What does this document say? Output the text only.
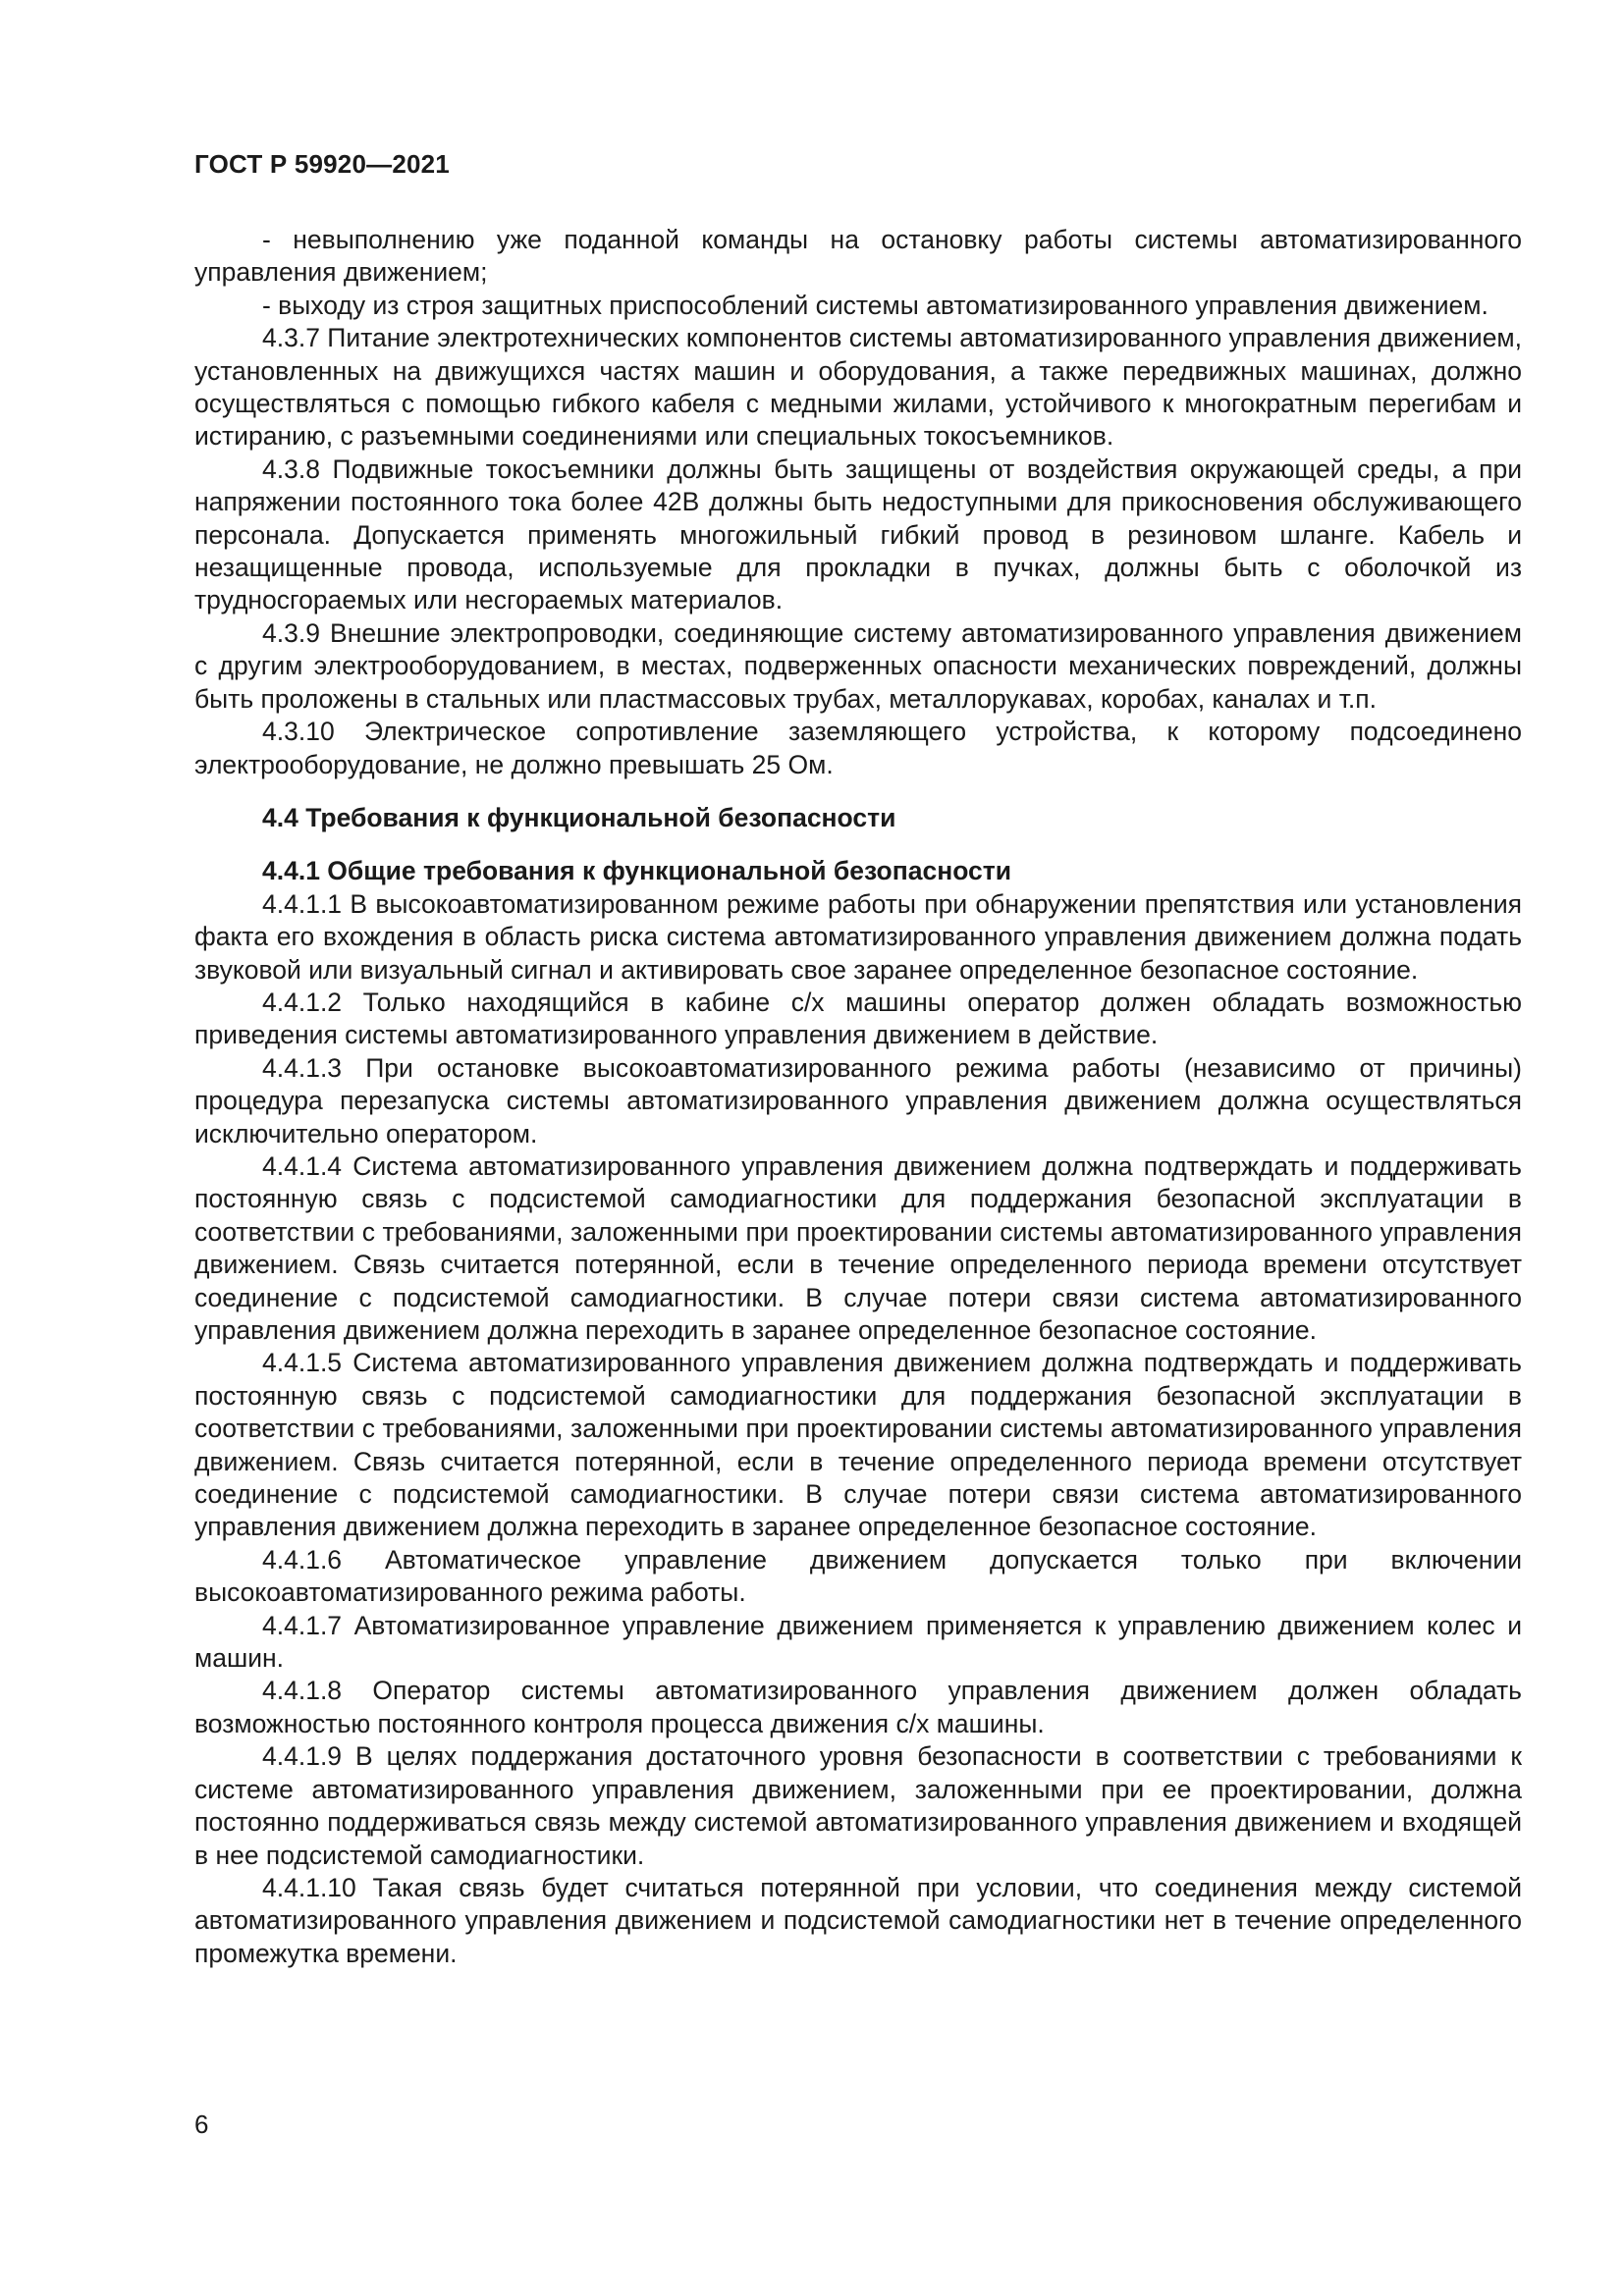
ГОСТ Р 59920—2021

- невыполнению уже поданной команды на остановку работы системы автоматизированного управления движением;

- выходу из строя защитных приспособлений системы автоматизированного управления движением.

4.3.7 Питание электротехнических компонентов системы автоматизированного управления движением, установленных на движущихся частях машин и оборудования, а также передвижных машинах, должно осуществляться с помощью гибкого кабеля с медными жилами, устойчивого к многократным перегибам и истиранию, с разъемными соединениями или специальных токосъемников.

4.3.8 Подвижные токосъемники должны быть защищены от воздействия окружающей среды, а при напряжении постоянного тока более 42В должны быть недоступными для прикосновения обслуживающего персонала. Допускается применять многожильный гибкий провод в резиновом шланге. Кабель и незащищенные провода, используемые для прокладки в пучках, должны быть с оболочкой из трудносгораемых или несгораемых материалов.

4.3.9 Внешние электропроводки, соединяющие систему автоматизированного управления движением с другим электрооборудованием, в местах, подверженных опасности механических повреждений, должны быть проложены в стальных или пластмассовых трубах, металлорукавах, коробах, каналах и т.п.

4.3.10 Электрическое сопротивление заземляющего устройства, к которому подсоединено электрооборудование, не должно превышать 25 Ом.

4.4 Требования к функциональной безопасности
4.4.1 Общие требования к функциональной безопасности

4.4.1.1 В высокоавтоматизированном режиме работы при обнаружении препятствия или установления факта его вхождения в область риска система автоматизированного управления движением должна подать звуковой или визуальный сигнал и активировать свое заранее определенное безопасное состояние.

4.4.1.2 Только находящийся в кабине с/х машины оператор должен обладать возможностью приведения системы автоматизированного управления движением в действие.

4.4.1.3 При остановке высокоавтоматизированного режима работы (независимо от причины) процедура перезапуска системы автоматизированного управления движением должна осуществляться исключительно оператором.

4.4.1.4 Система автоматизированного управления движением должна подтверждать и поддерживать постоянную связь с подсистемой самодиагностики для поддержания безопасной эксплуатации в соответствии с требованиями, заложенными при проектировании системы автоматизированного управления движением. Связь считается потерянной, если в течение определенного периода времени отсутствует соединение с подсистемой самодиагностики. В случае потери связи система автоматизированного управления движением должна переходить в заранее определенное безопасное состояние.

4.4.1.5 Система автоматизированного управления движением должна подтверждать и поддерживать постоянную связь с подсистемой самодиагностики для поддержания безопасной эксплуатации в соответствии с требованиями, заложенными при проектировании системы автоматизированного управления движением. Связь считается потерянной, если в течение определенного периода времени отсутствует соединение с подсистемой самодиагностики. В случае потери связи система автоматизированного управления движением должна переходить в заранее определенное безопасное состояние.

4.4.1.6 Автоматическое управление движением допускается только при включении высокоавтоматизированного режима работы.

4.4.1.7 Автоматизированное управление движением применяется к управлению движением колес и машин.

4.4.1.8 Оператор системы автоматизированного управления движением должен обладать возможностью постоянного контроля процесса движения с/х машины.

4.4.1.9 В целях поддержания достаточного уровня безопасности в соответствии с требованиями к системе автоматизированного управления движением, заложенными при ее проектировании, должна постоянно поддерживаться связь между системой автоматизированного управления движением и входящей в нее подсистемой самодиагностики.

4.4.1.10 Такая связь будет считаться потерянной при условии, что соединения между системой автоматизированного управления движением и подсистемой самодиагностики нет в течение определенного промежутка времени.

6
